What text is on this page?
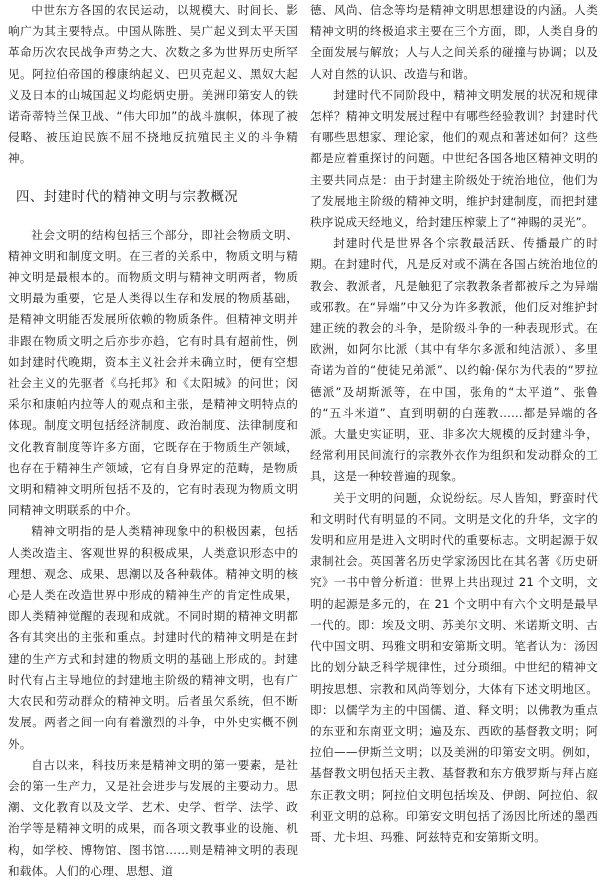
中世东方各国的农民运动，以规模大、时间长、影响广为其主要特点。中国从陈胜、吴广起义到太平天国革命历次农民战争声势之大、次数之多为世界历史所罕见。阿拉伯帝国的穆康纳起义、巴贝克起义、黑奴大起义及日本的山城国起义均彪炳史册。美洲印第安人的铁诺奇蒂特兰保卫战、“伟大印加”的战斗旗帜，体现了被侵略、被压迫民族不屈不挠地反抗殖民主义的斗争精神。

四、封建时代的精神文明与宗教概况

社会文明的结构包括三个部分，即社会物质文明、精神文明和制度文明。在三者的关系中，物质文明与精神文明是最根本的。而物质文明与精神文明两者，物质文明最为重要，它是人类得以生存和发展的物质基础，是精神文明能否发展所依赖的物质条件。但精神文明并非跟在物质文明之后亦步亦趋，它有时具有超前性，例如封建时代晚期，资本主义社会并未确立时，便有空想社会主义的先驱者《乌托邦》和《太阳城》的问世；闵采尔和康帕内拉等人的观点和主张，是精神文明特点的体现。制度文明包括经济制度、政治制度、法律制度和文化教育制度等许多方面，它既存在于物质生产领域，也存在于精神生产领域，它有自身界定的范畴，是物质文明和精神文明所包括不及的，它有时表现为物质文明同精神文明联系的中介。

精神文明指的是人类精神现象中的积极因素，包括人类改造主、客观世界的积极成果，人类意识形态中的理想、观念、成果、思潮以及各种载体。精神文明的核心是人类在改造世界中形成的精神生产的肯定性成果，即人类精神觉醒的表现和成就。不同时期的精神文明都各有其突出的主张和重点。封建时代的精神文明是在封建的生产方式和封建的物质文明的基础上形成的。封建时代有占主导地位的封建地主阶级的精神文明，也有广大农民和劳动群众的精神文明。后者虽欠系统，但不断发展。两者之间一向有着激烈的斗争，中外史实概不例外。

自古以来，科技历来是精神文明的第一要素，是社会的第一生产力，又是社会进步与发展的主要动力。思潮、文化教育以及文学、艺术、史学、哲学、法学、政治学等是精神文明的成果，而各项文教事业的设施、机构，如学校、博物馆、图书馆……则是精神文明的表现和载体。人们的心理、思想、道

德、风尚、信念等均是精神文明思想建设的内涵。人类精神文明的终极追求主要在三个方面，即，人类自身的全面发展与解放；人与人之间关系的碰撞与协调；以及人对自然的认识、改造与和谐。

封建时代不同阶段中，精神文明发展的状况和规律怎样？精神文明发展过程中有哪些经验教训？封建时代有哪些思想家、理论家，他们的观点和著述如何？这些都是应着重探讨的问题。中世纪各国各地区精神文明的主要共同点是：由于封建主阶级处于统治地位，他们为了发展地主阶级的精神文明，维护封建制度，而把封建秩序说成天经地义，给封建压榨蒙上了“神賜的灵光”。

封建时代是世界各个宗教最活跃、传播最广的时期。在封建时代，凡是反对或不满在各国占统治地位的教会、教派者，凡是触犯了宗教教条者都被斥之为异端或邪教。在“异端”中又分为许多教派，他们反对维护封建正统的教会的斗争，是阶级斗争的一种表现形式。在欧洲，如阿尔比派（其中有华尔多派和纯洁派）、多里奇诺为首的“使徒兄弟派”、以约翰·保尔为代表的“罗拉德派”及胡斯派等，在中国，张角的“太平道”、张鲁的“五斗米道”、直到明朝的白莲教……都是异端的各派。大量史实证明，亚、非多次大规模的反封建斗争，经常利用民间流行的宗教外衣作为组织和发动群众的工具，这是一种较普遍的现象。

关于文明的问题，众说纷纭。尽人皆知，野蛮时代和文明时代有明显的不同。文明是文化的升华，文字的发明和应用是进入文明时代的重要标志。文明起源于奴隶制社会。英国著名历史学家汤因比在其名著《历史研究》一书中曾分析道：世界上共出现过 21 个文明，文明的起源是多元的，在 21 个文明中有六个文明是最早一代的。即：埃及文明、苏美尔文明、米诺斯文明、古代中国文明、玛雅文明和安第斯文明。笔者认为：汤因比的划分缺乏科学规律性，过分琐细。中世纪的精神文明按思想、宗教和风尚等划分，大体有下述文明地区。即：以儒学为主的中国儒、道、释文明；以佛教为重点的东亚和东南亚文明；遍及东、西欧的基督教文明；阿拉伯——伊斯兰文明；以及美洲的印第安文明。例如，基督教文明包括天主教、基督教和东方俄罗斯与拜占庭东正教文明；阿拉伯文明包括埃及、伊朗、阿拉伯、叙利亚文明的总称。印第安文明包括了汤因比所述的墨西哥、尤卡坦、玛雅、阿兹特克和安第斯文明。
